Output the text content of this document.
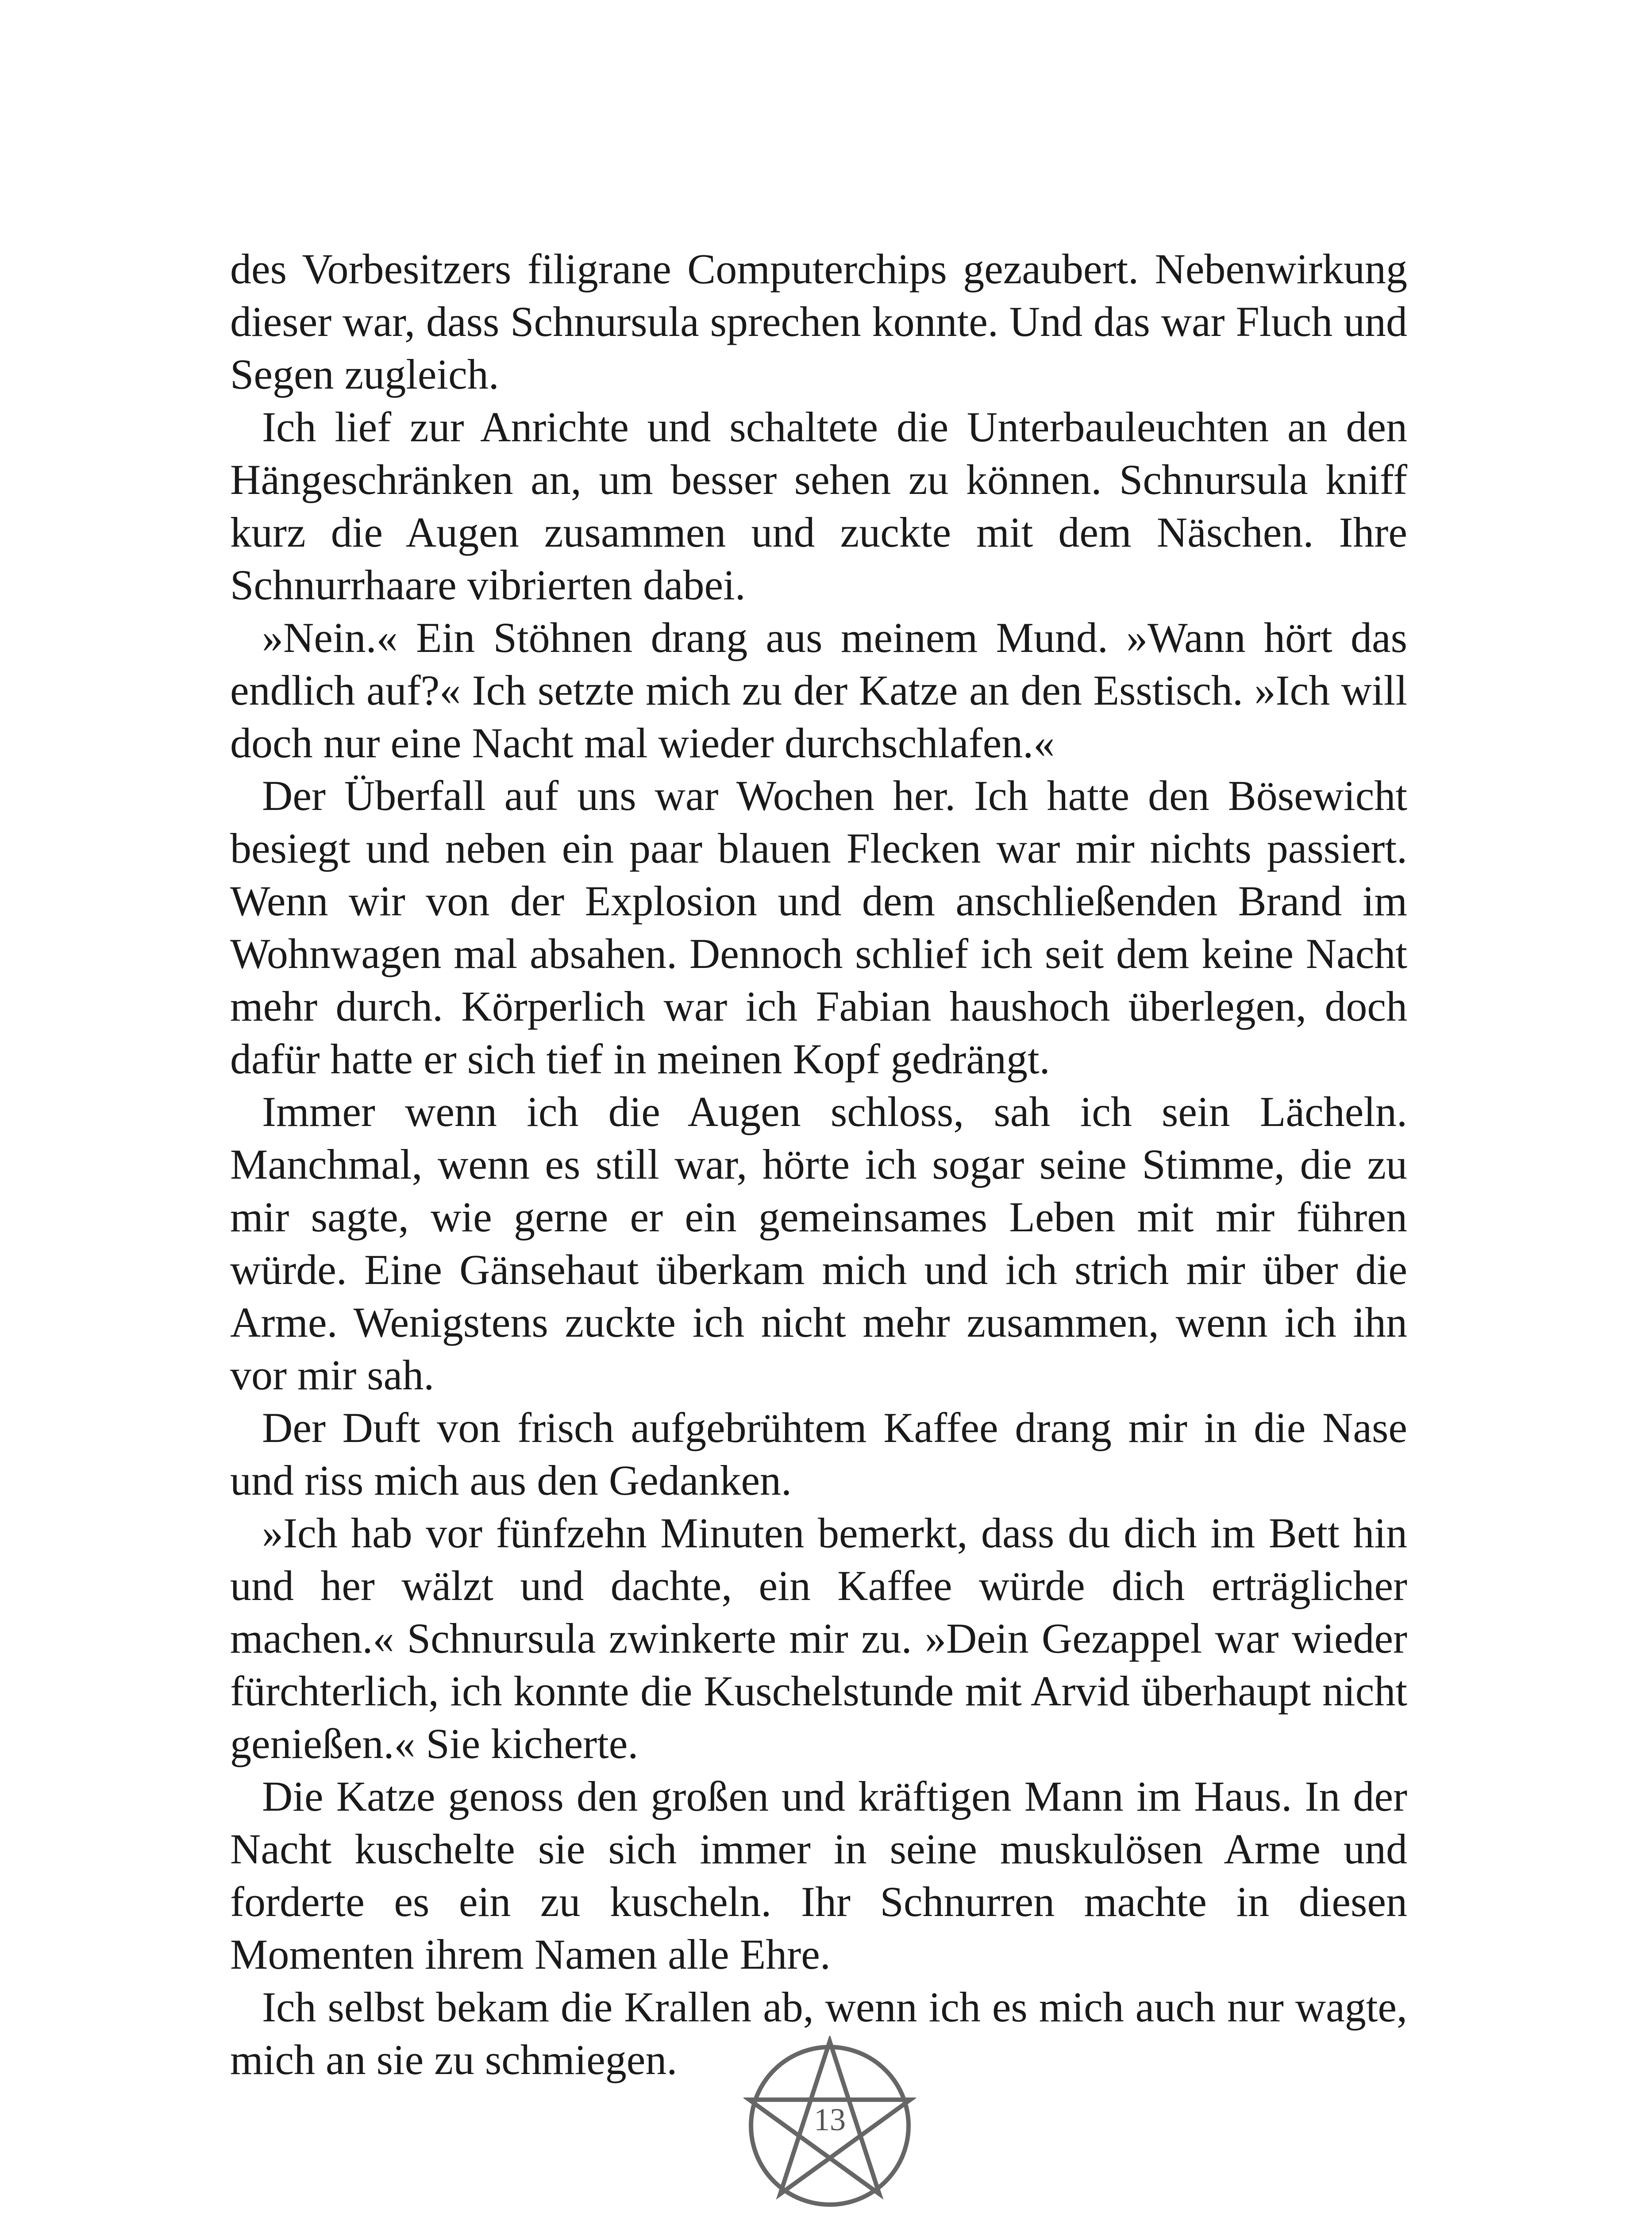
des Vorbesitzers filigrane Computerchips gezaubert. Nebenwirkung dieser war, dass Schnursula sprechen konnte. Und das war Fluch und Segen zugleich.

Ich lief zur Anrichte und schaltete die Unterbauleuchten an den Hängeschränken an, um besser sehen zu können. Schnursula kniff kurz die Augen zusammen und zuckte mit dem Näschen. Ihre Schnurrhaare vibrierten dabei.

»Nein.« Ein Stöhnen drang aus meinem Mund. »Wann hört das endlich auf?« Ich setzte mich zu der Katze an den Esstisch. »Ich will doch nur eine Nacht mal wieder durchschlafen.«

Der Überfall auf uns war Wochen her. Ich hatte den Bösewicht besiegt und neben ein paar blauen Flecken war mir nichts passiert. Wenn wir von der Explosion und dem anschließenden Brand im Wohnwagen mal absahen. Dennoch schlief ich seit dem keine Nacht mehr durch. Körperlich war ich Fabian haushoch überlegen, doch dafür hatte er sich tief in meinen Kopf gedrängt.

Immer wenn ich die Augen schloss, sah ich sein Lächeln. Manchmal, wenn es still war, hörte ich sogar seine Stimme, die zu mir sagte, wie gerne er ein gemeinsames Leben mit mir führen würde. Eine Gänsehaut überkam mich und ich strich mir über die Arme. Wenigstens zuckte ich nicht mehr zusammen, wenn ich ihn vor mir sah.

Der Duft von frisch aufgebrühtem Kaffee drang mir in die Nase und riss mich aus den Gedanken.

»Ich hab vor fünfzehn Minuten bemerkt, dass du dich im Bett hin und her wälzt und dachte, ein Kaffee würde dich erträglicher machen.« Schnursula zwinkerte mir zu. »Dein Gezappel war wieder fürchterlich, ich konnte die Kuschelstunde mit Arvid überhaupt nicht genießen.« Sie kicherte.

Die Katze genoss den großen und kräftigen Mann im Haus. In der Nacht kuschelte sie sich immer in seine muskulösen Arme und forderte es ein zu kuscheln. Ihr Schnurren machte in diesen Momenten ihrem Namen alle Ehre.

Ich selbst bekam die Krallen ab, wenn ich es mich auch nur wagte, mich an sie zu schmiegen.

13
